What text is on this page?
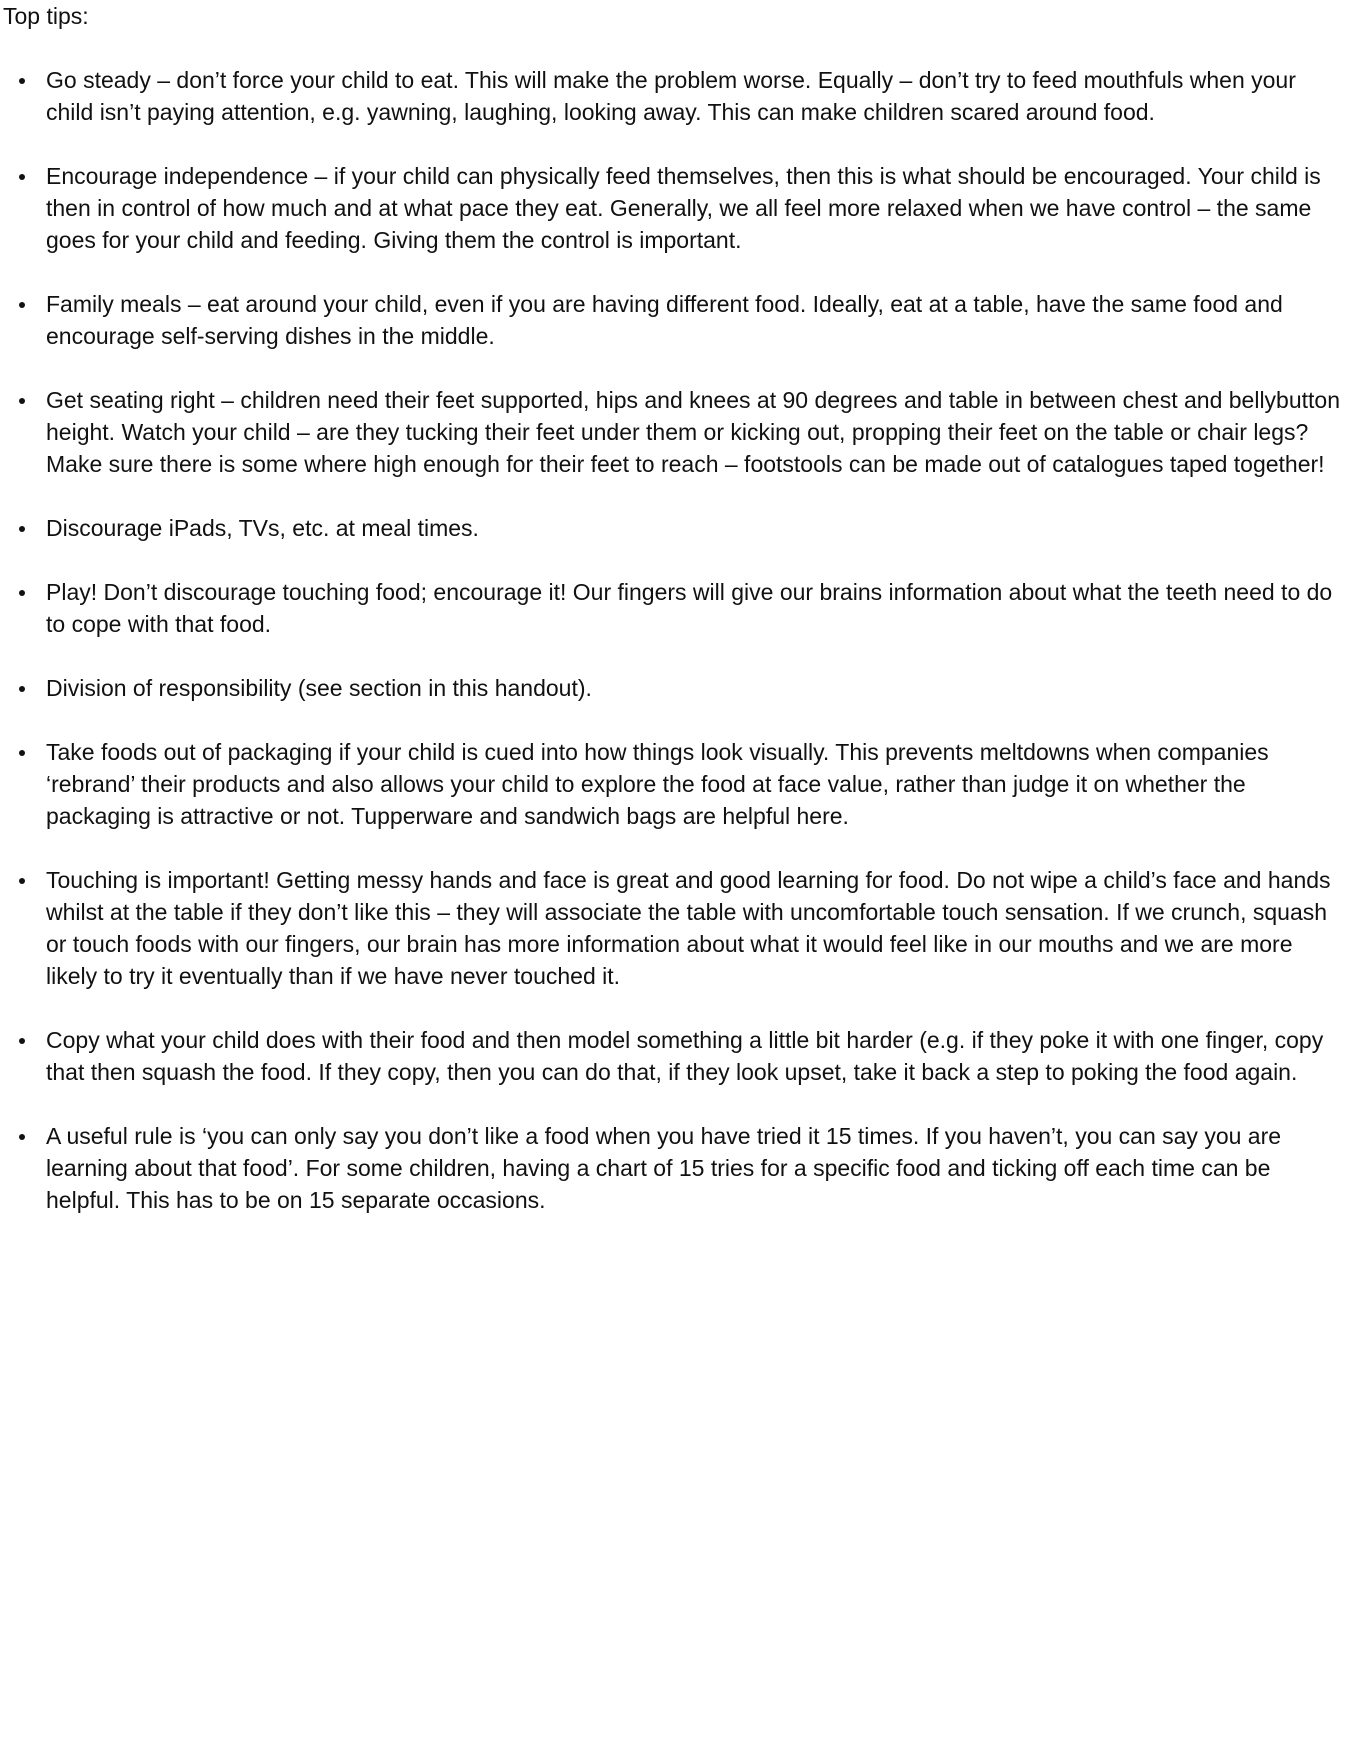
Top tips:

Go steady – don’t force your child to eat. This will make the problem worse. Equally – don’t try to feed mouthfuls when your child isn’t paying attention, e.g. yawning, laughing, looking away. This can make children scared around food.
Encourage independence – if your child can physically feed themselves, then this is what should be encouraged. Your child is then in control of how much and at what pace they eat. Generally, we all feel more relaxed when we have control – the same goes for your child and feeding. Giving them the control is important.
Family meals – eat around your child, even if you are having different food. Ideally, eat at a table, have the same food and encourage self-serving dishes in the middle.
Get seating right – children need their feet supported, hips and knees at 90 degrees and table in between chest and bellybutton height. Watch your child – are they tucking their feet under them or kicking out, propping their feet on the table or chair legs? Make sure there is some where high enough for their feet to reach – footstools can be made out of catalogues taped together!
Discourage iPads, TVs, etc. at meal times.
Play! Don’t discourage touching food; encourage it! Our fingers will give our brains information about what the teeth need to do to cope with that food.
Division of responsibility (see section in this handout).
Take foods out of packaging if your child is cued into how things look visually. This prevents meltdowns when companies ‘rebrand’ their products and also allows your child to explore the food at face value, rather than judge it on whether the packaging is attractive or not. Tupperware and sandwich bags are helpful here.
Touching is important! Getting messy hands and face is great and good learning for food. Do not wipe a child’s face and hands whilst at the table if they don’t like this – they will associate the table with uncomfortable touch sensation. If we crunch, squash or touch foods with our fingers, our brain has more information about what it would feel like in our mouths and we are more likely to try it eventually than if we have never touched it.
Copy what your child does with their food and then model something a little bit harder (e.g. if they poke it with one finger, copy that then squash the food. If they copy, then you can do that, if they look upset, take it back a step to poking the food again.
A useful rule is ‘you can only say you don’t like a food when you have tried it 15 times. If you haven’t, you can say you are learning about that food’. For some children, having a chart of 15 tries for a specific food and ticking off each time can be helpful. This has to be on 15 separate occasions.
